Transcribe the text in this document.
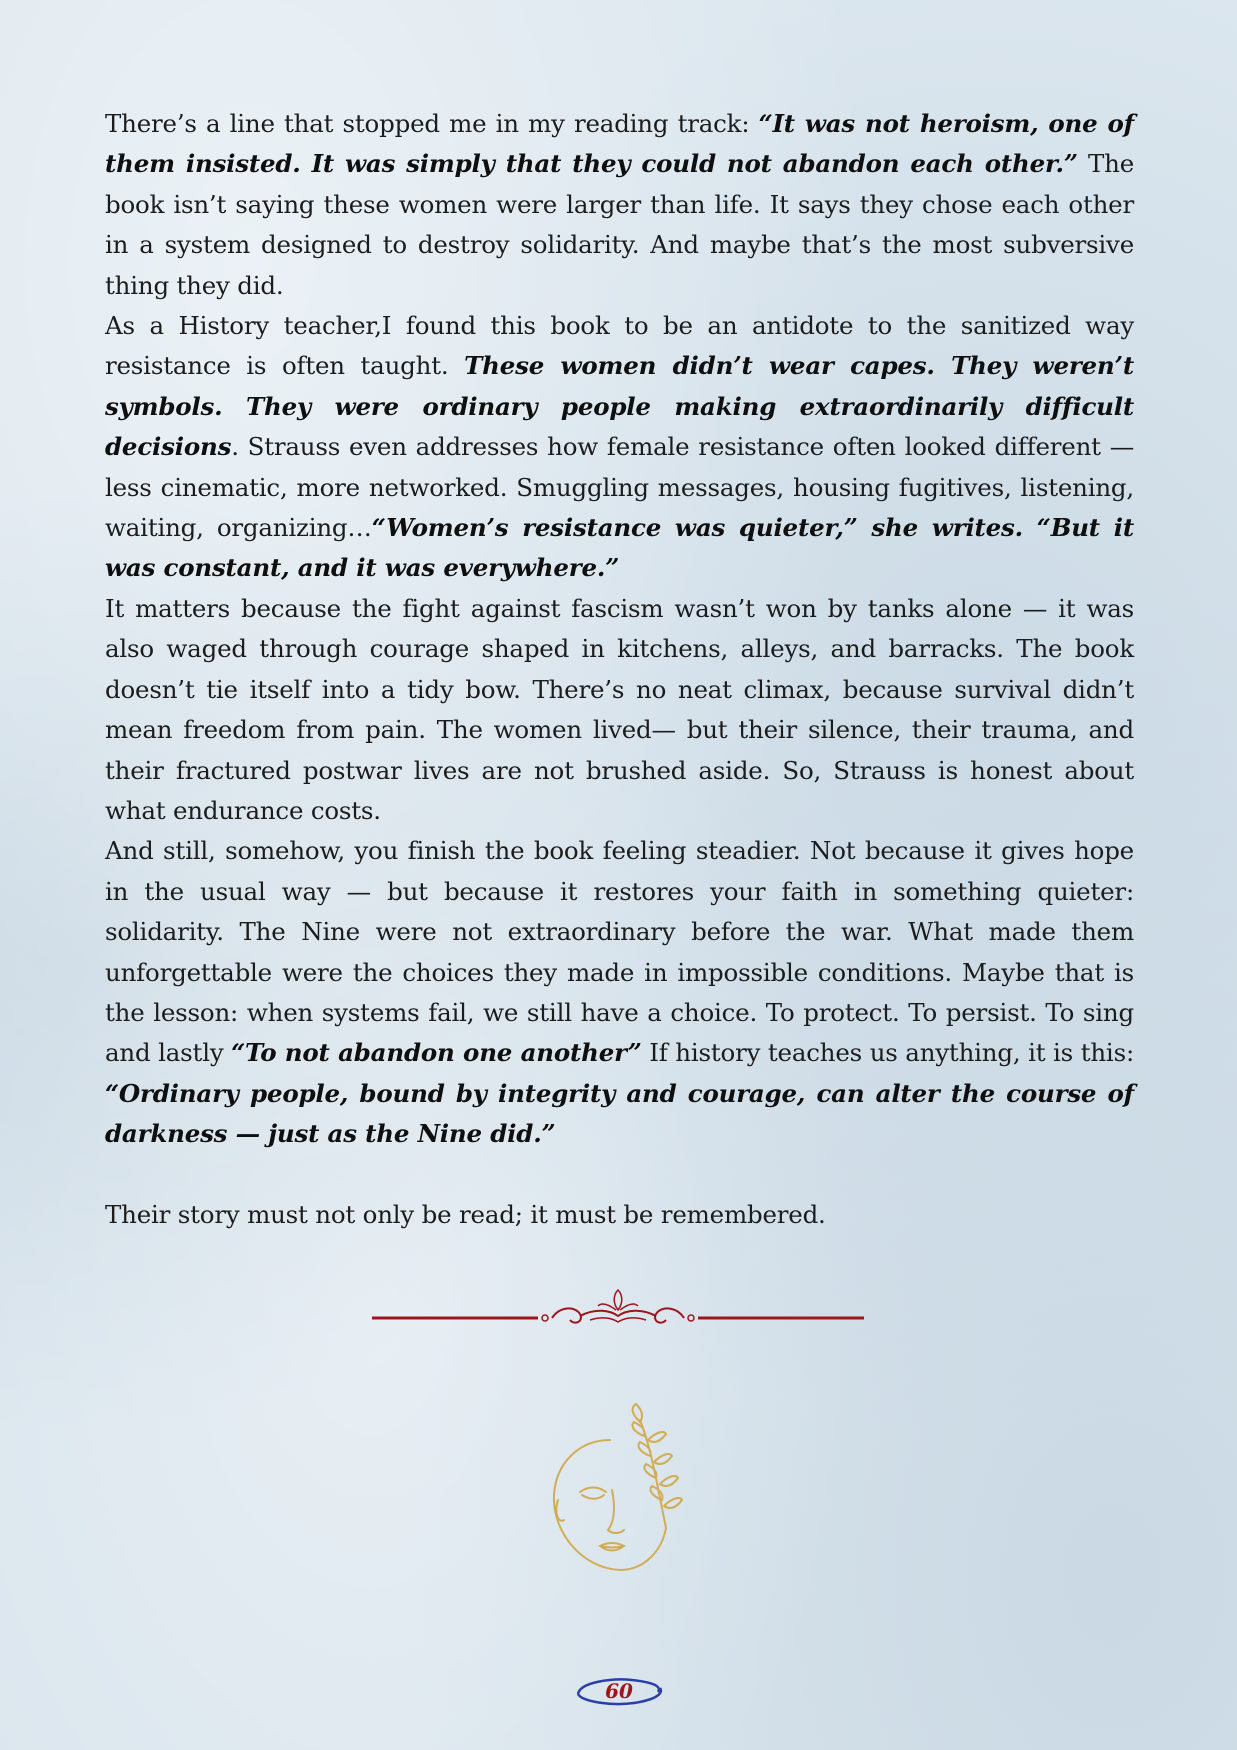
There’s a line that stopped me in my reading track: “It was not heroism, one of them insisted. It was simply that they could not abandon each other.” The book isn’t saying these women were larger than life. It says they chose each other in a system designed to destroy solidarity. And maybe that’s the most subversive thing they did.

As a History teacher,I found this book to be an antidote to the sanitized way resistance is often taught. These women didn’t wear capes. They weren’t symbols. They were ordinary people making extraordinarily difficult decisions. Strauss even addresses how female resistance often looked different — less cinematic, more networked. Smuggling messages, housing fugitives, listening, waiting, organizing…“Women’s resistance was quieter,” she writes. “But it was constant, and it was everywhere.”

It matters because the fight against fascism wasn’t won by tanks alone — it was also waged through courage shaped in kitchens, alleys, and barracks. The book doesn’t tie itself into a tidy bow. There’s no neat climax, because survival didn’t mean freedom from pain. The women lived— but their silence, their trauma, and their fractured postwar lives are not brushed aside. So, Strauss is honest about what endurance costs.

And still, somehow, you finish the book feeling steadier. Not because it gives hope in the usual way — but because it restores your faith in something quieter: solidarity. The Nine were not extraordinary before the war. What made them unforgettable were the choices they made in impossible conditions. Maybe that is the lesson: when systems fail, we still have a choice. To protect. To persist. To sing and lastly “To not abandon one another” If history teaches us anything, it is this: “Ordinary people, bound by integrity and courage, can alter the course of darkness — just as the Nine did.”

Their story must not only be read; it must be remembered.

60
